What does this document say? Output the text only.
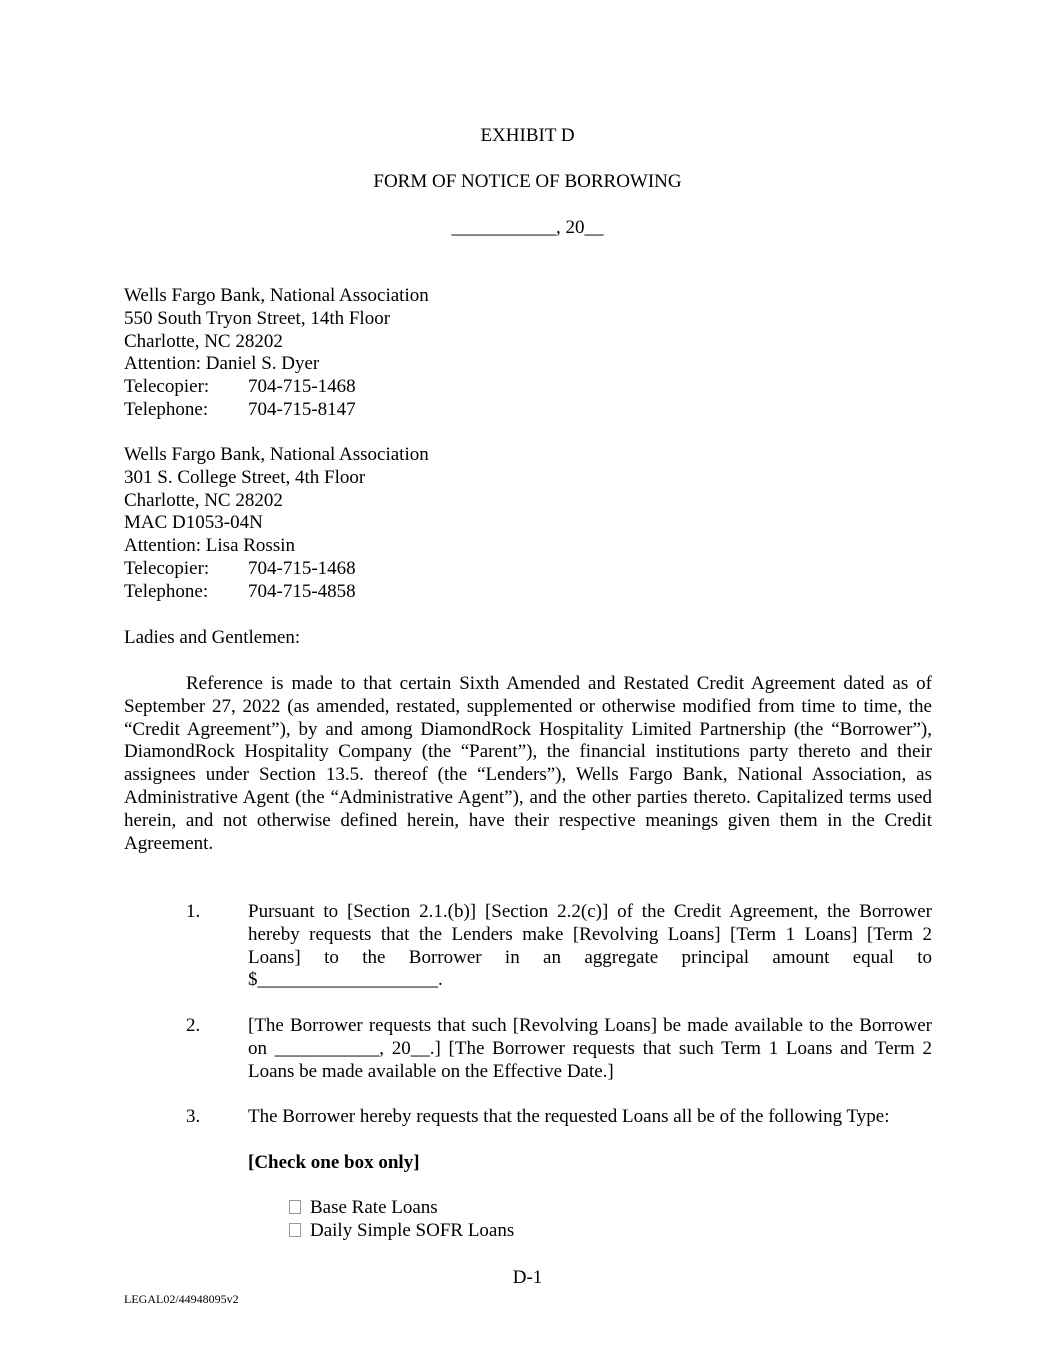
EXHIBIT D
FORM OF NOTICE OF BORROWING
___________, 20__
Wells Fargo Bank, National Association
550 South Tryon Street, 14th Floor
Charlotte, NC 28202
Attention: Daniel S. Dyer
Telecopier: 704-715-1468
Telephone: 704-715-8147
Wells Fargo Bank, National Association
301 S. College Street, 4th Floor
Charlotte, NC 28202
MAC D1053-04N
Attention: Lisa Rossin
Telecopier: 704-715-1468
Telephone: 704-715-4858
Ladies and Gentlemen:
Reference is made to that certain Sixth Amended and Restated Credit Agreement dated as of September 27, 2022 (as amended, restated, supplemented or otherwise modified from time to time, the “Credit Agreement”), by and among DiamondRock Hospitality Limited Partnership (the “Borrower”), DiamondRock Hospitality Company (the “Parent”), the financial institutions party thereto and their assignees under Section 13.5. thereof (the “Lenders”), Wells Fargo Bank, National Association, as Administrative Agent (the “Administrative Agent”), and the other parties thereto. Capitalized terms used herein, and not otherwise defined herein, have their respective meanings given them in the Credit Agreement.
1.	Pursuant to [Section 2.1.(b)] [Section 2.2(c)] of the Credit Agreement, the Borrower hereby requests that the Lenders make [Revolving Loans] [Term 1 Loans] [Term 2 Loans] to the Borrower in an aggregate principal amount equal to $___________________.
2.	[The Borrower requests that such [Revolving Loans] be made available to the Borrower on ___________, 20__.] [The Borrower requests that such Term 1 Loans and Term 2 Loans be made available on the Effective Date.]
3.	The Borrower hereby requests that the requested Loans all be of the following Type:
[Check one box only]
Base Rate Loans
Daily Simple SOFR Loans
D-1
LEGAL02/44948095v2
